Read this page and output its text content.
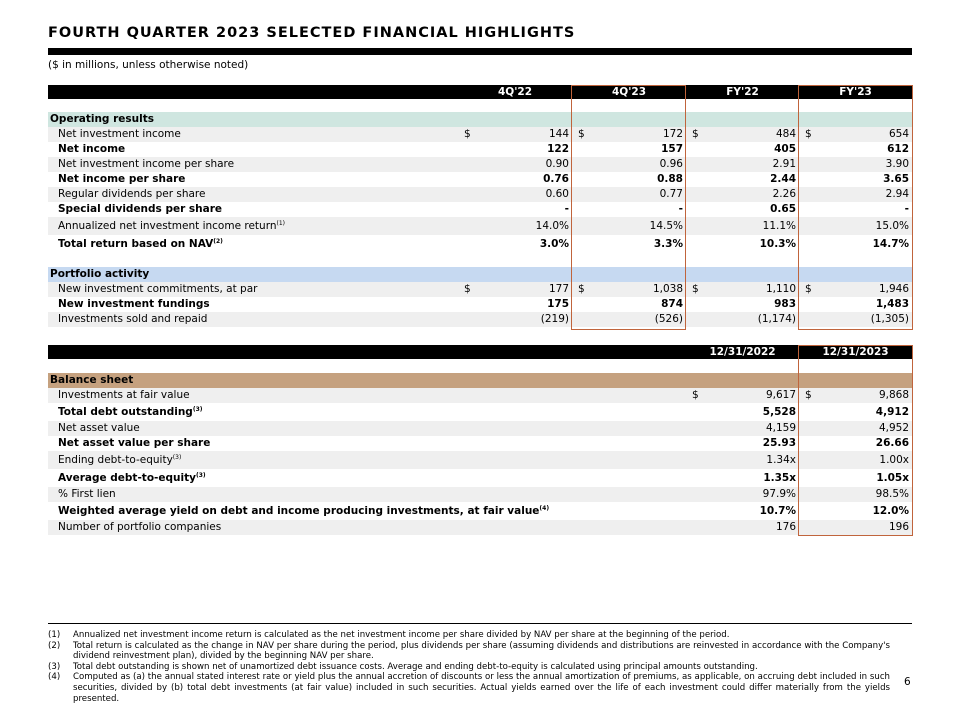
FOURTH QUARTER 2023 SELECTED FINANCIAL HIGHLIGHTS
($ in millions, unless otherwise noted)
	4Q'22		4Q'23		FY'22		FY'23	

Operating results								
Net investment income	$	144	$	172	$	484	$	654
Net income		122		157		405		612
Net investment income per share		0.90		0.96		2.91		3.90
Net income per share		0.76		0.88		2.44		3.65
Regular dividends per share		0.60		0.77		2.26		2.94
Special dividends per share		-		-		0.65		-
Annualized net investment income return$^{(1)}$		14.0%		14.5%		11.1%		15.0%
Total return based on NAV$^{(2)}$		3.0%		3.3%		10.3%		14.7%

Portfolio activity								
New investment commitments, at par	$	177	$	1,038	$	1,110	$	1,946
New investment fundings		175		874		983		1,483
Investments sold and repaid		(219)		(526)		(1,174)		(1,305)
	12/31/2022		12/31/2023	

Balance sheet				
Investments at fair value	$	9,617	$	9,868
Total debt outstanding$^{(3)}$		5,528		4,912
Net asset value		4,159		4,952
Net asset value per share		25.93		26.66
Ending debt-to-equity$^{(3)}$		1.34x		1.00x
Average debt-to-equity$^{(3)}$		1.35x		1.05x
% First lien		97.9%		98.5%
Weighted average yield on debt and income producing investments, at fair value$^{(4)}$		10.7%		12.0%
Number of portfolio companies		176		196
(1)	Annualized net investment income return is calculated as the net investment income per share divided by NAV per share at the beginning of the period.
(2)	Total return is calculated as the change in NAV per share during the period, plus dividends per share (assuming dividends and distributions are reinvested in accordance with the Company's dividend reinvestment plan), divided by the beginning NAV per share.
(3)	Total debt outstanding is shown net of unamortized debt issuance costs. Average and ending debt-to-equity is calculated using principal amounts outstanding.
(4)	Computed as (a) the annual stated interest rate or yield plus the annual accretion of discounts or less the annual amortization of premiums, as applicable, on accruing debt included in such securities, divided by (b) total debt investments (at fair value) included in such securities. Actual yields earned over the life of each investment could differ materially from the yields presented.
6
